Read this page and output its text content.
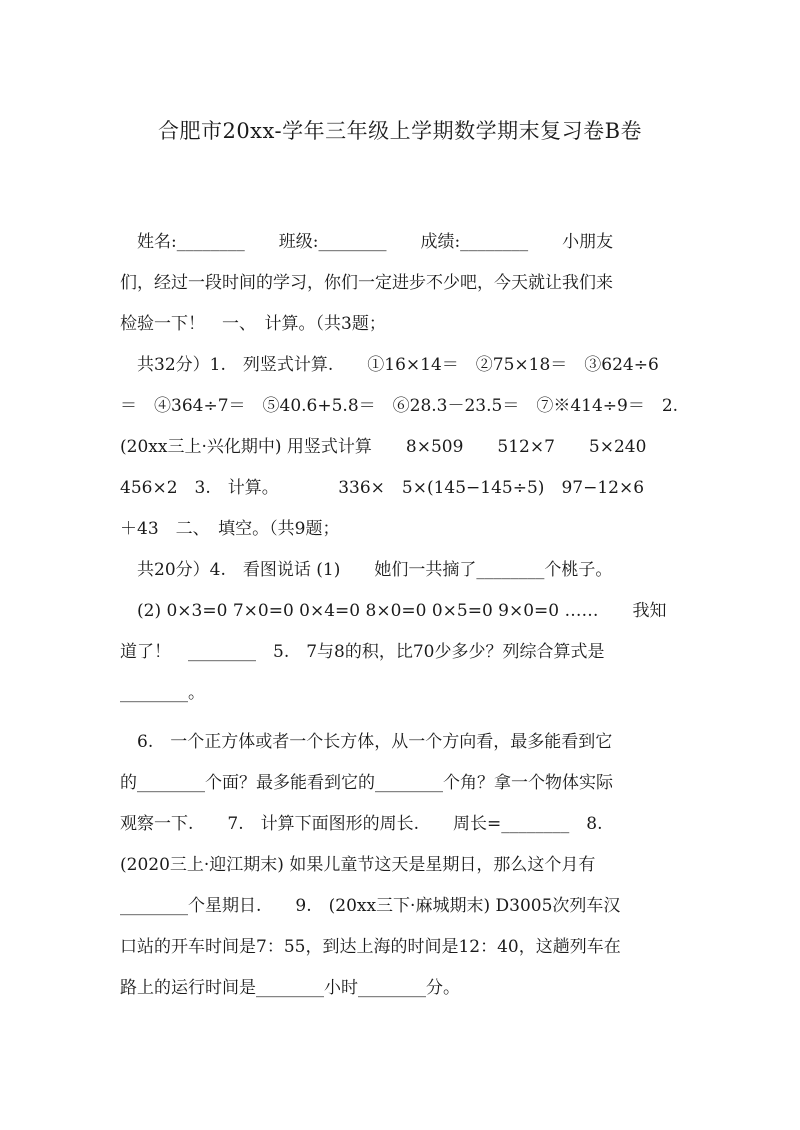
合肥市20xx-学年三年级上学期数学期末复习卷B卷
　姓名:________　　班级:________　　成绩:________　　小朋友
们，经过一段时间的学习，你们一定进步不少吧，今天就让我们来
检验一下！　一、　计算。（共3题；
　共32分）1.　列竖式计算.　　①16×14＝　②75×18＝　③624÷6
＝　④364÷7＝　⑤40.6+5.8＝　⑥28.3－23.5＝　⑦※414÷9＝　2.
(20xx三上·兴化期中) 用竖式计算　　8×509　　512×7　　5×240
456×2　3.　计算。　　　　336×　5×(145−145÷5)　97−12×6
＋43　二、　填空。（共9题；
　共20分）4.　看图说话 (1)　　她们一共摘了________个桃子。
　(2) 0×3=0 7×0=0 0×4=0 8×0=0 0×5=0 9×0=0 ……　　我知
道了！　________　5.　7与8的积，比70少多少？列综合算式是
________。
　6.　一个正方体或者一个长方体，从一个方向看，最多能看到它
的________个面？最多能看到它的________个角？拿一个物体实际
观察一下.　　7.　计算下面图形的周长.　　周长=________　8.
(2020三上·迎江期末) 如果儿童节这天是星期日，那么这个月有
________个星期日.　　9.　(20xx三下·麻城期末) D3005次列车汉
口站的开车时间是7：55，到达上海的时间是12：40，这趟列车在
路上的运行时间是________小时________分。
